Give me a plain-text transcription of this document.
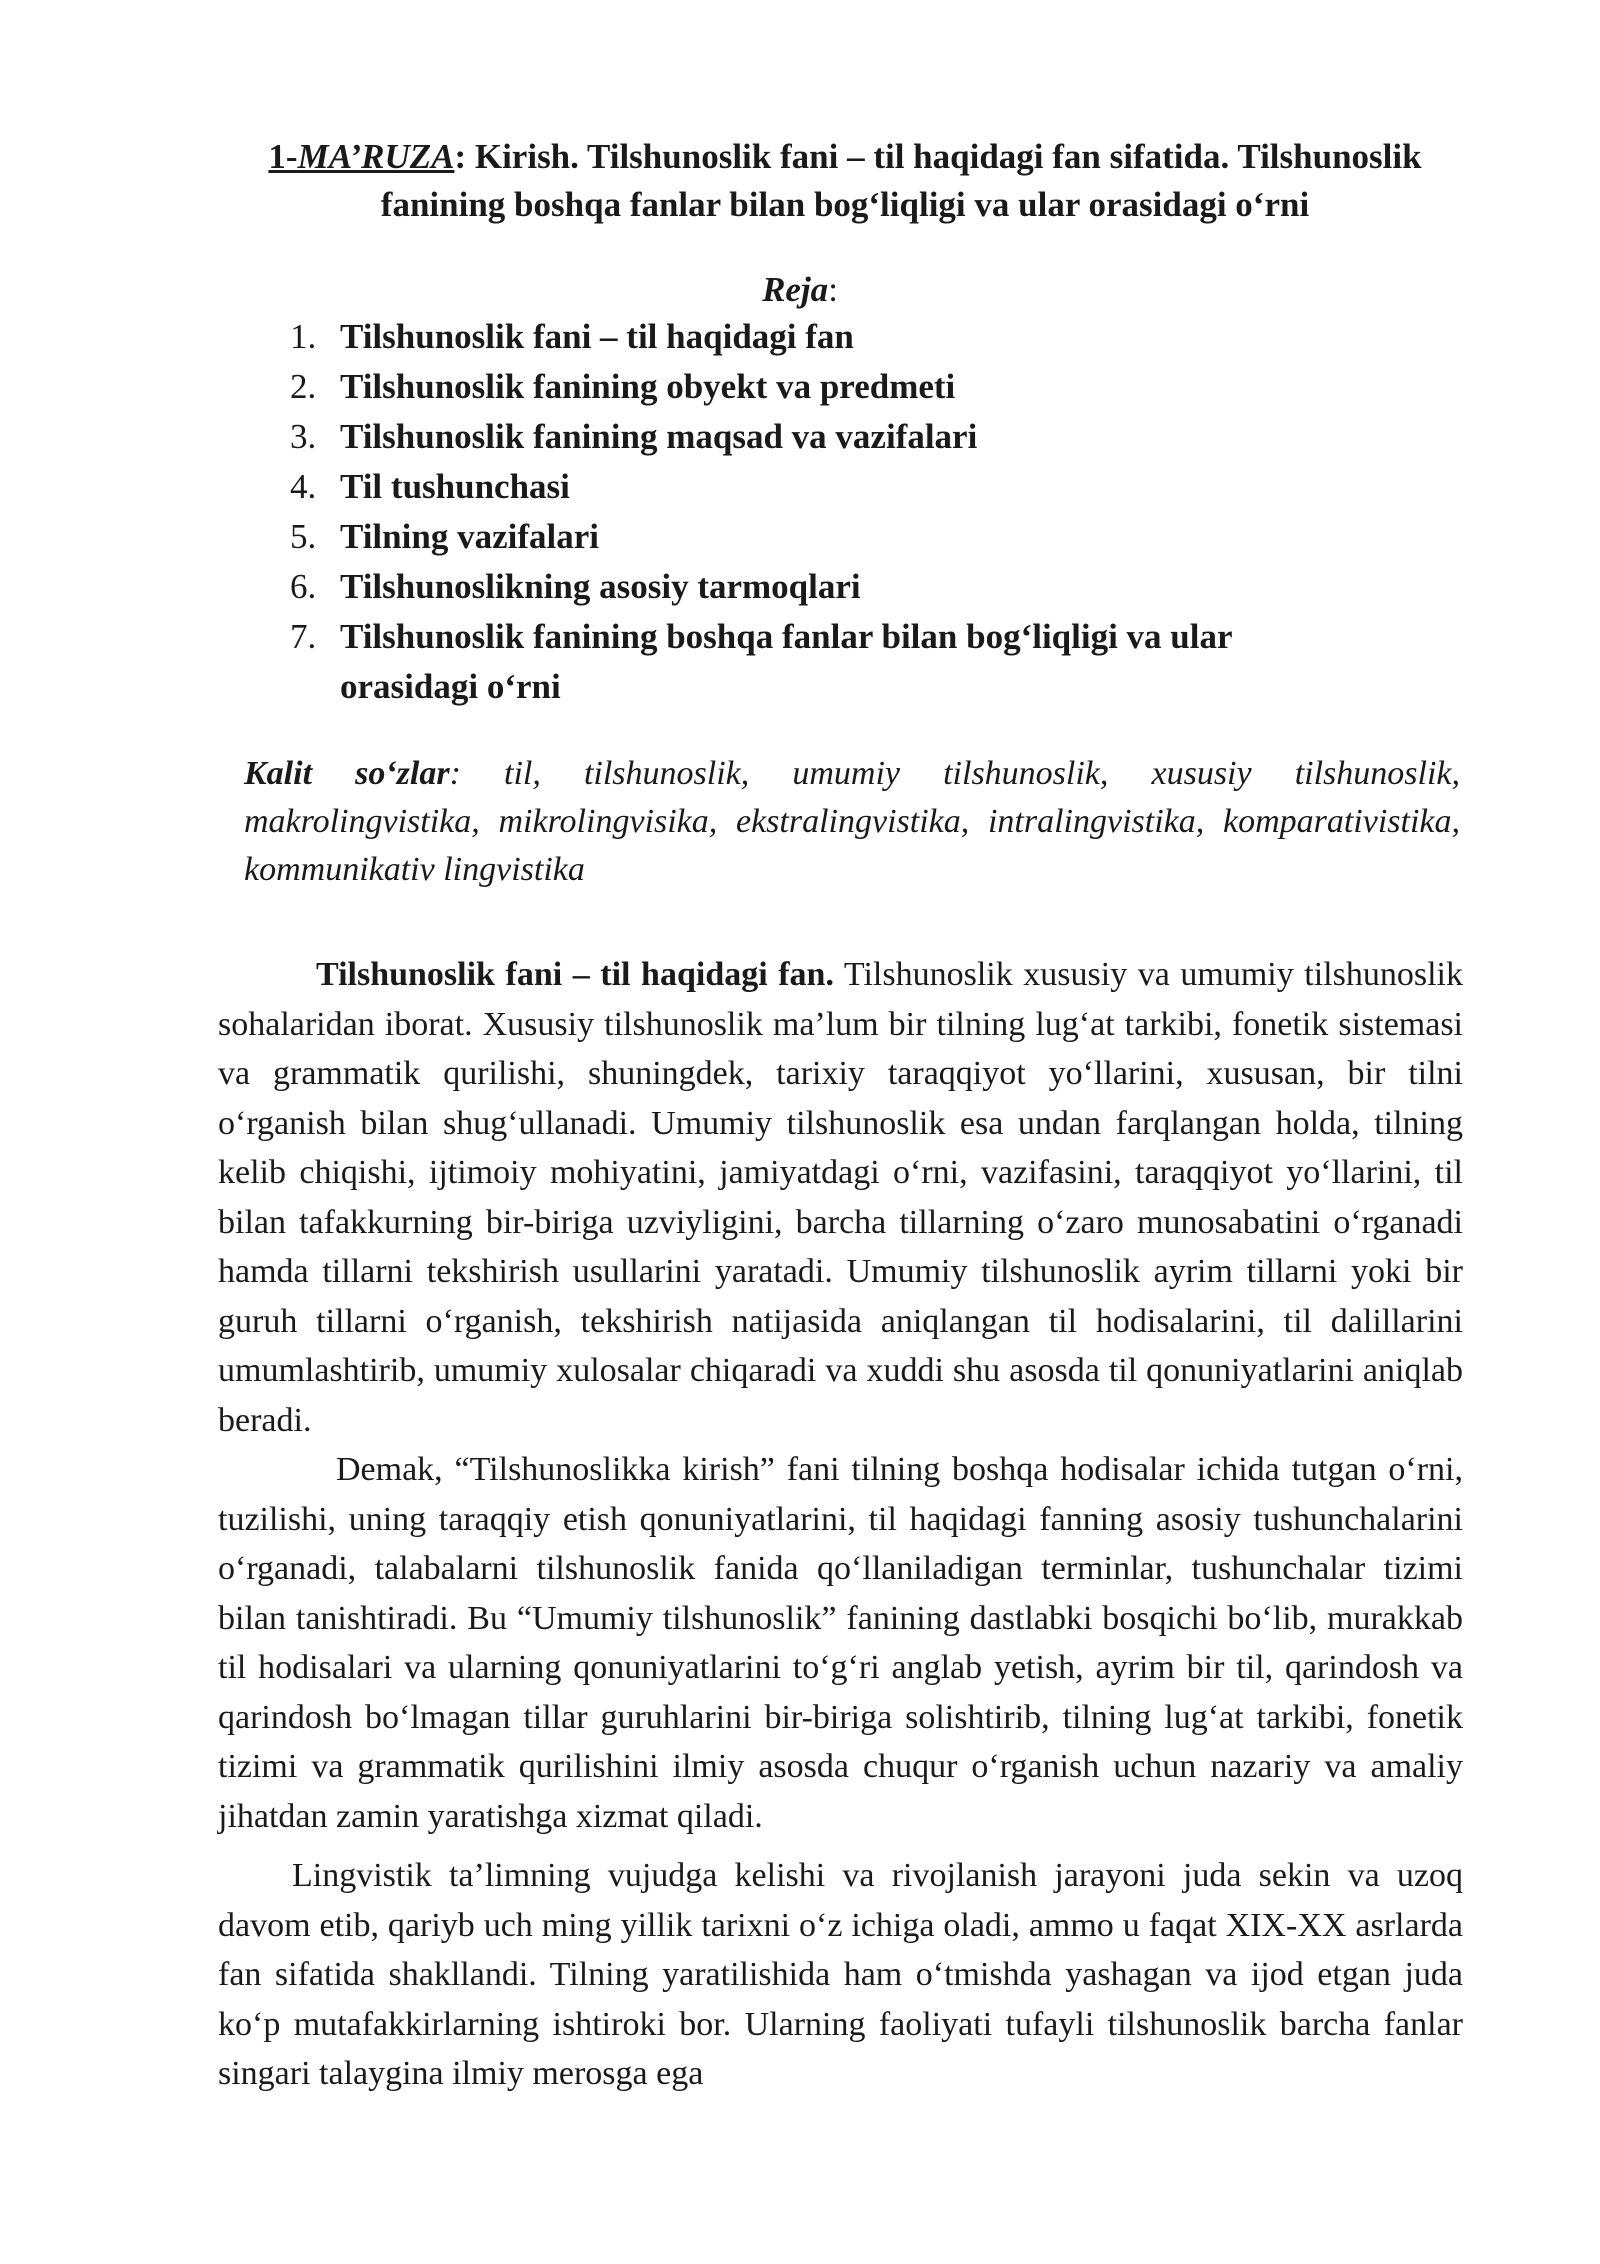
1-MA’RUZA: Kirish. Tilshunoslik fani – til haqidagi fan sifatida. Tilshunoslik
fanining boshqa fanlar bilan bog‘liqligi va ular orasidagi o‘rni
Reja:
1. Tilshunoslik fani – til haqidagi fan
2. Tilshunoslik fanining obyekt va predmeti
3. Tilshunoslik fanining maqsad va vazifalari
4. Til tushunchasi
5. Tilning vazifalari
6. Tilshunoslikning asosiy tarmoqlari
7. Tilshunoslik fanining boshqa fanlar bilan bog‘liqligi va ular orasidagi o‘rni
Kalit so‘zlar: til, tilshunoslik, umumiy tilshunoslik, xususiy tilshunoslik, makrolingvistika, mikrolingvisika, ekstralingvistika, intralingvistika, komparativistika, kommunikativ lingvistika

Tilshunoslik fani – til haqidagi fan. Tilshunoslik xususiy va umumiy tilshunoslik sohalaridan iborat. Xususiy tilshunoslik ma’lum bir tilning lug‘at tarkibi, fonetik sistemasi va grammatik qurilishi, shuningdek, tarixiy taraqqiyot yo‘llarini, xususan, bir tilni o‘rganish bilan shug‘ullanadi. Umumiy tilshunoslik esa undan farqlangan holda, tilning kelib chiqishi, ijtimoiy mohiyatini, jamiyatdagi o‘rni, vazifasini, taraqqiyot yo‘llarini, til bilan tafakkurning bir-biriga uzviyligini, barcha tillarning o‘zaro munosabatini o‘rganadi hamda tillarni tekshirish usullarini yaratadi. Umumiy tilshunoslik ayrim tillarni yoki bir guruh tillarni o‘rganish, tekshirish natijasida aniqlangan til hodisalarini, til dalillarini umumlashtirib, umumiy xulosalar chiqaradi va xuddi shu asosda til qonuniyatlarini aniqlab beradi.

Demak, “Tilshunoslikka kirish” fani tilning boshqa hodisalar ichida tutgan o‘rni, tuzilishi, uning taraqqiy etish qonuniyatlarini, til haqidagi fanning asosiy tushunchalarini o‘rganadi, talabalarni tilshunoslik fanida qo‘llaniladigan terminlar, tushunchalar tizimi bilan tanishtiradi. Bu “Umumiy tilshunoslik” fanining dastlabki bosqichi bo‘lib, murakkab til hodisalari va ularning qonuniyatlarini to‘g‘ri anglab yetish, ayrim bir til, qarindosh va qarindosh bo‘lmagan tillar guruhlarini bir-biriga solishtirib, tilning lug‘at tarkibi, fonetik tizimi va grammatik qurilishini ilmiy asosda chuqur o‘rganish uchun nazariy va amaliy jihatdan zamin yaratishga xizmat qiladi.

Lingvistik ta’limning vujudga kelishi va rivojlanish jarayoni juda sekin va uzoq davom etib, qariyb uch ming yillik tarixni o‘z ichiga oladi, ammo u faqat XIX-XX asrlarda fan sifatida shakllandi. Tilning yaratilishida ham o‘tmishda yashagan va ijod etgan juda ko‘p mutafakkirlarning ishtiroki bor. Ularning faoliyati tufayli tilshunoslik barcha fanlar singari talaygina ilmiy merosga ega
